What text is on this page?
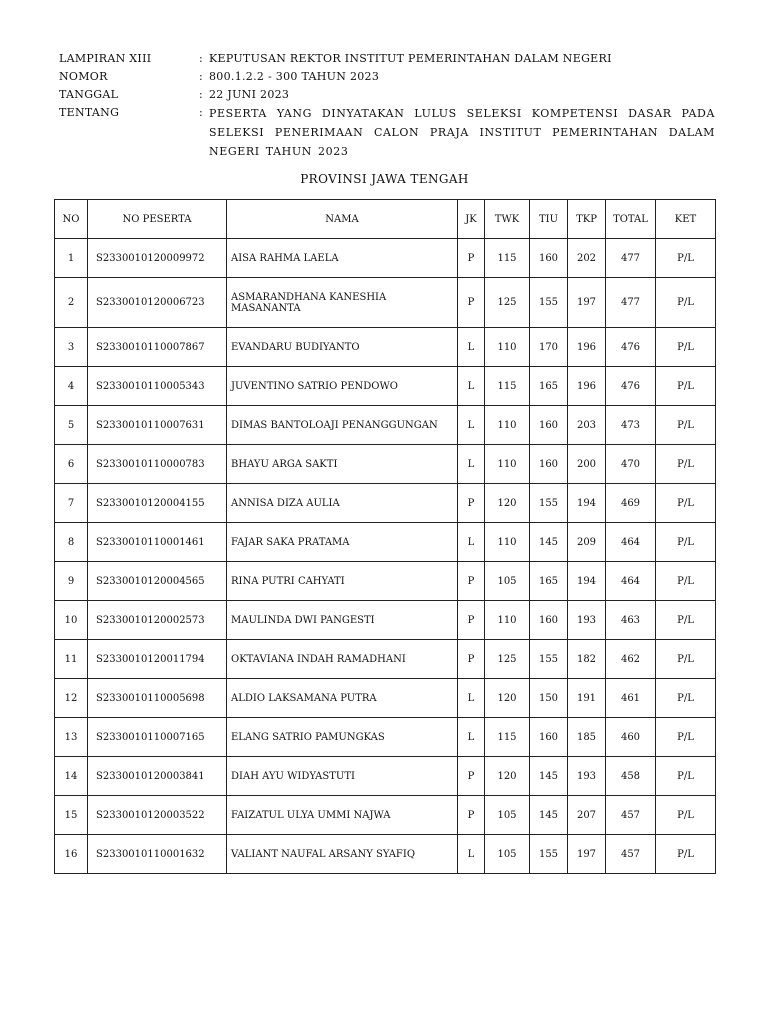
LAMPIRAN XIII	: KEPUTUSAN REKTOR INSTITUT PEMERINTAHAN DALAM NEGERI
NOMOR	: 800.1.2.2 - 300 TAHUN 2023
TANGGAL	: 22 JUNI 2023
TENTANG	: PESERTA YANG DINYATAKAN LULUS SELEKSI KOMPETENSI DASAR PADA SELEKSI PENERIMAAN CALON PRAJA INSTITUT PEMERINTAHAN DALAM NEGERI TAHUN 2023
PROVINSI JAWA TENGAH
NO	NO PESERTA	NAMA	JK	TWK	TIU	TKP	TOTAL	KET
1	S2330010120009972	AISA RAHMA LAELA	P	115	160	202	477	P/L
2	S2330010120006723	ASMARANDHANA KANESHIA MASANANTA	P	125	155	197	477	P/L
3	S2330010110007867	EVANDARU BUDIYANTO	L	110	170	196	476	P/L
4	S2330010110005343	JUVENTINO SATRIO PENDOWO	L	115	165	196	476	P/L
5	S2330010110007631	DIMAS BANTOLOAJI PENANGGUNGAN	L	110	160	203	473	P/L
6	S2330010110000783	BHAYU ARGA SAKTI	L	110	160	200	470	P/L
7	S2330010120004155	ANNISA DIZA AULIA	P	120	155	194	469	P/L
8	S2330010110001461	FAJAR SAKA PRATAMA	L	110	145	209	464	P/L
9	S2330010120004565	RINA PUTRI CAHYATI	P	105	165	194	464	P/L
10	S2330010120002573	MAULINDA DWI PANGESTI	P	110	160	193	463	P/L
11	S2330010120011794	OKTAVIANA INDAH RAMADHANI	P	125	155	182	462	P/L
12	S2330010110005698	ALDIO LAKSAMANA PUTRA	L	120	150	191	461	P/L
13	S2330010110007165	ELANG SATRIO PAMUNGKAS	L	115	160	185	460	P/L
14	S2330010120003841	DIAH AYU WIDYASTUTI	P	120	145	193	458	P/L
15	S2330010120003522	FAIZATUL ULYA UMMI NAJWA	P	105	145	207	457	P/L
16	S2330010110001632	VALIANT NAUFAL ARSANY SYAFIQ	L	105	155	197	457	P/L
